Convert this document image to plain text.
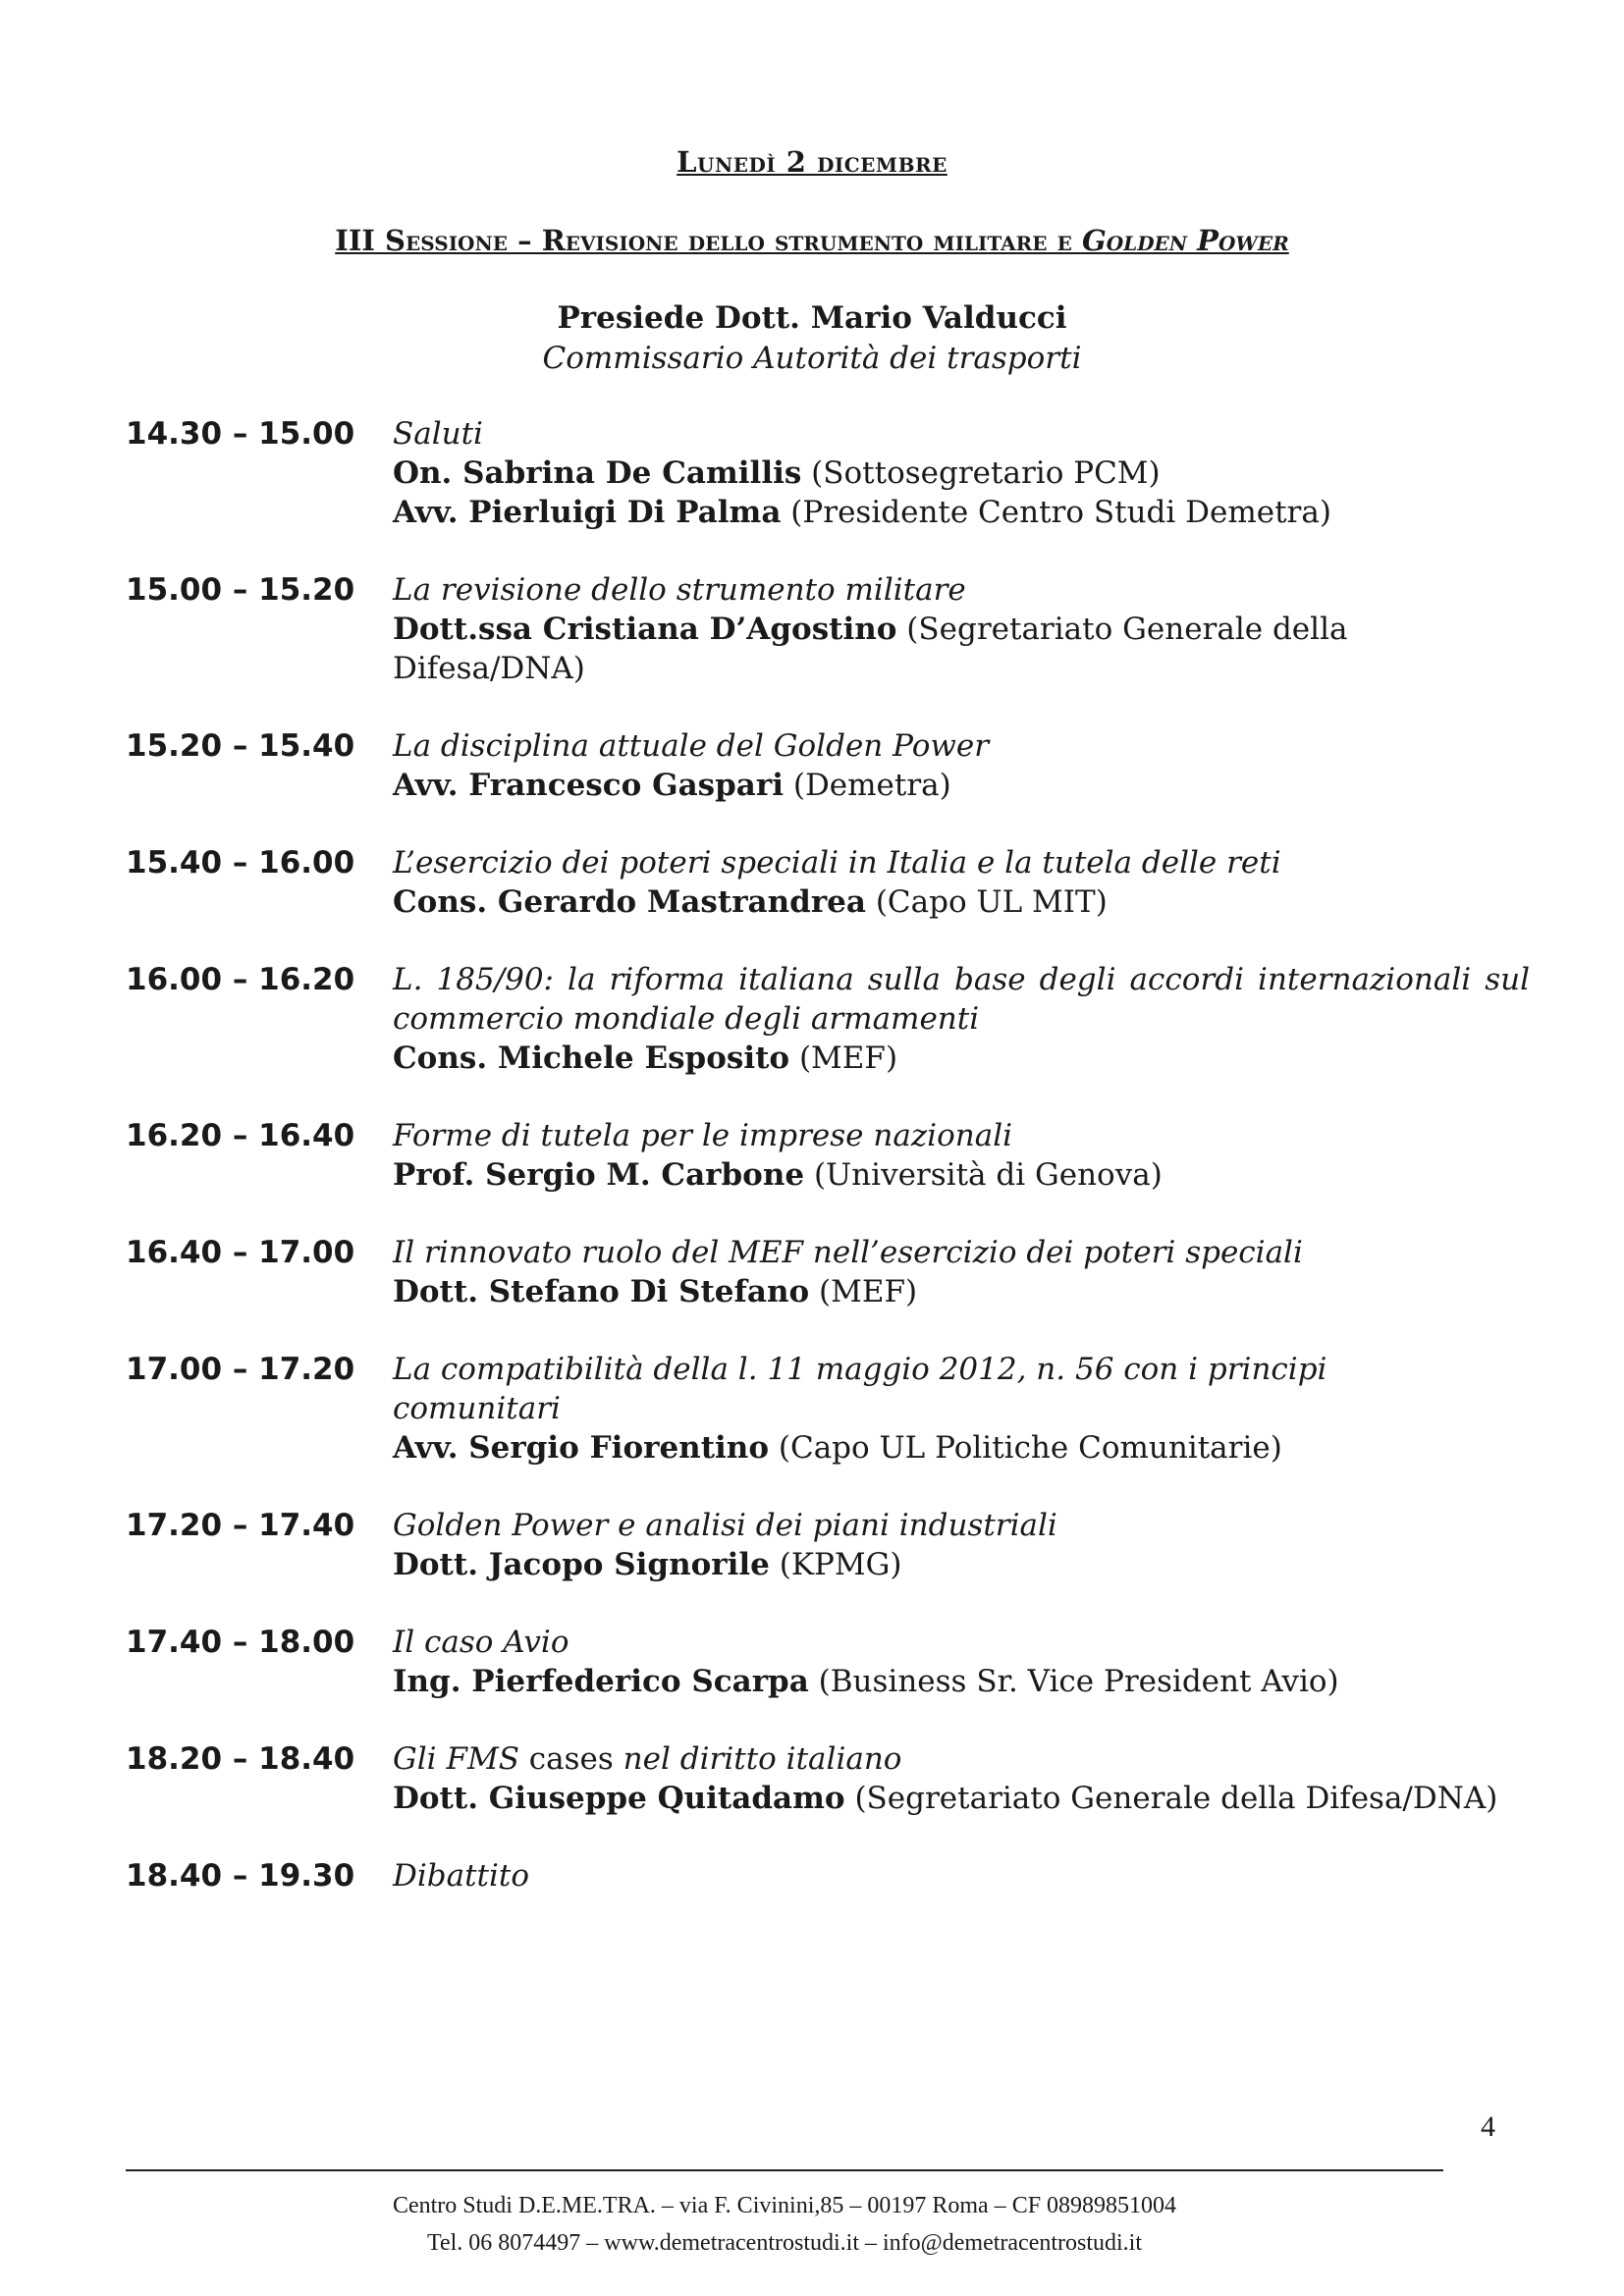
Lunedì 2 dicembre
III Sessione – Revisione dello strumento militare e Golden Power
Presiede Dott. Mario Valducci
Commissario Autorità dei trasporti
14.30 – 15.00	Saluti
On. Sabrina De Camillis (Sottosegretario PCM)
Avv. Pierluigi Di Palma (Presidente Centro Studi Demetra)
15.00 – 15.20	La revisione dello strumento militare
Dott.ssa Cristiana D’Agostino (Segretariato Generale della Difesa/DNA)
15.20 – 15.40	La disciplina attuale del Golden Power
Avv. Francesco Gaspari (Demetra)
15.40 – 16.00	L’esercizio dei poteri speciali in Italia e la tutela delle reti
Cons. Gerardo Mastrandrea (Capo UL MIT)
16.00 – 16.20	L. 185/90: la riforma italiana sulla base degli accordi internazionali sul commercio mondiale degli armamenti
Cons. Michele Esposito (MEF)
16.20 – 16.40	Forme di tutela per le imprese nazionali
Prof. Sergio M. Carbone (Università di Genova)
16.40 – 17.00	Il rinnovato ruolo del MEF nell’esercizio dei poteri speciali
Dott. Stefano Di Stefano (MEF)
17.00 – 17.20	La compatibilità della l. 11 maggio 2012, n. 56 con i principi comunitari
Avv. Sergio Fiorentino (Capo UL Politiche Comunitarie)
17.20 – 17.40	Golden Power e analisi dei piani industriali
Dott. Jacopo Signorile (KPMG)
17.40 – 18.00	Il caso Avio
Ing. Pierfederico Scarpa (Business Sr. Vice President Avio)
18.20 – 18.40	Gli FMS cases nel diritto italiano
Dott. Giuseppe Quitadamo (Segretariato Generale della Difesa/DNA)
18.40 – 19.30	Dibattito
4
Centro Studi D.E.ME.TRA. – via F. Civinini,85 – 00197 Roma – CF 08989851004
Tel. 06 8074497 – www.demetracentrostudi.it – info@demetracentrostudi.it
